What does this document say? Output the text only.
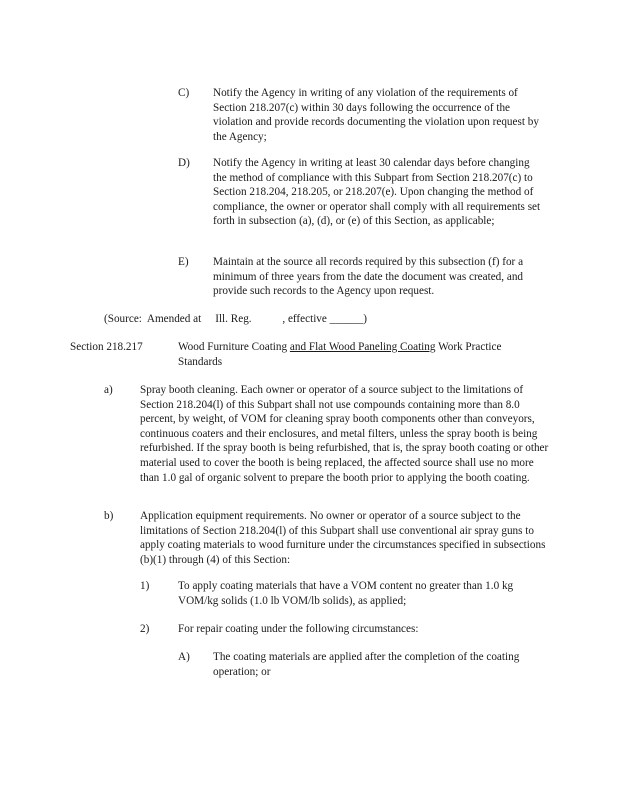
C) Notify the Agency in writing of any violation of the requirements of Section 218.207(c) within 30 days following the occurrence of the violation and provide records documenting the violation upon request by the Agency;
D) Notify the Agency in writing at least 30 calendar days before changing the method of compliance with this Subpart from Section 218.207(c) to Section 218.204, 218.205, or 218.207(e). Upon changing the method of compliance, the owner or operator shall comply with all requirements set forth in subsection (a), (d), or (e) of this Section, as applicable;
E) Maintain at the source all records required by this subsection (f) for a minimum of three years from the date the document was created, and provide such records to the Agency upon request.
(Source:  Amended at     Ill. Reg.           , effective ______)
Section 218.217	Wood Furniture Coating and Flat Wood Paneling Coating Work Practice Standards
a) Spray booth cleaning. Each owner or operator of a source subject to the limitations of Section 218.204(l) of this Subpart shall not use compounds containing more than 8.0 percent, by weight, of VOM for cleaning spray booth components other than conveyors, continuous coaters and their enclosures, and metal filters, unless the spray booth is being refurbished. If the spray booth is being refurbished, that is, the spray booth coating or other material used to cover the booth is being replaced, the affected source shall use no more than 1.0 gal of organic solvent to prepare the booth prior to applying the booth coating.
b) Application equipment requirements. No owner or operator of a source subject to the limitations of Section 218.204(l) of this Subpart shall use conventional air spray guns to apply coating materials to wood furniture under the circumstances specified in subsections (b)(1) through (4) of this Section:
1)	To apply coating materials that have a VOM content no greater than 1.0 kg VOM/kg solids (1.0 lb VOM/lb solids), as applied;
2)	For repair coating under the following circumstances:
A) The coating materials are applied after the completion of the coating operation; or
